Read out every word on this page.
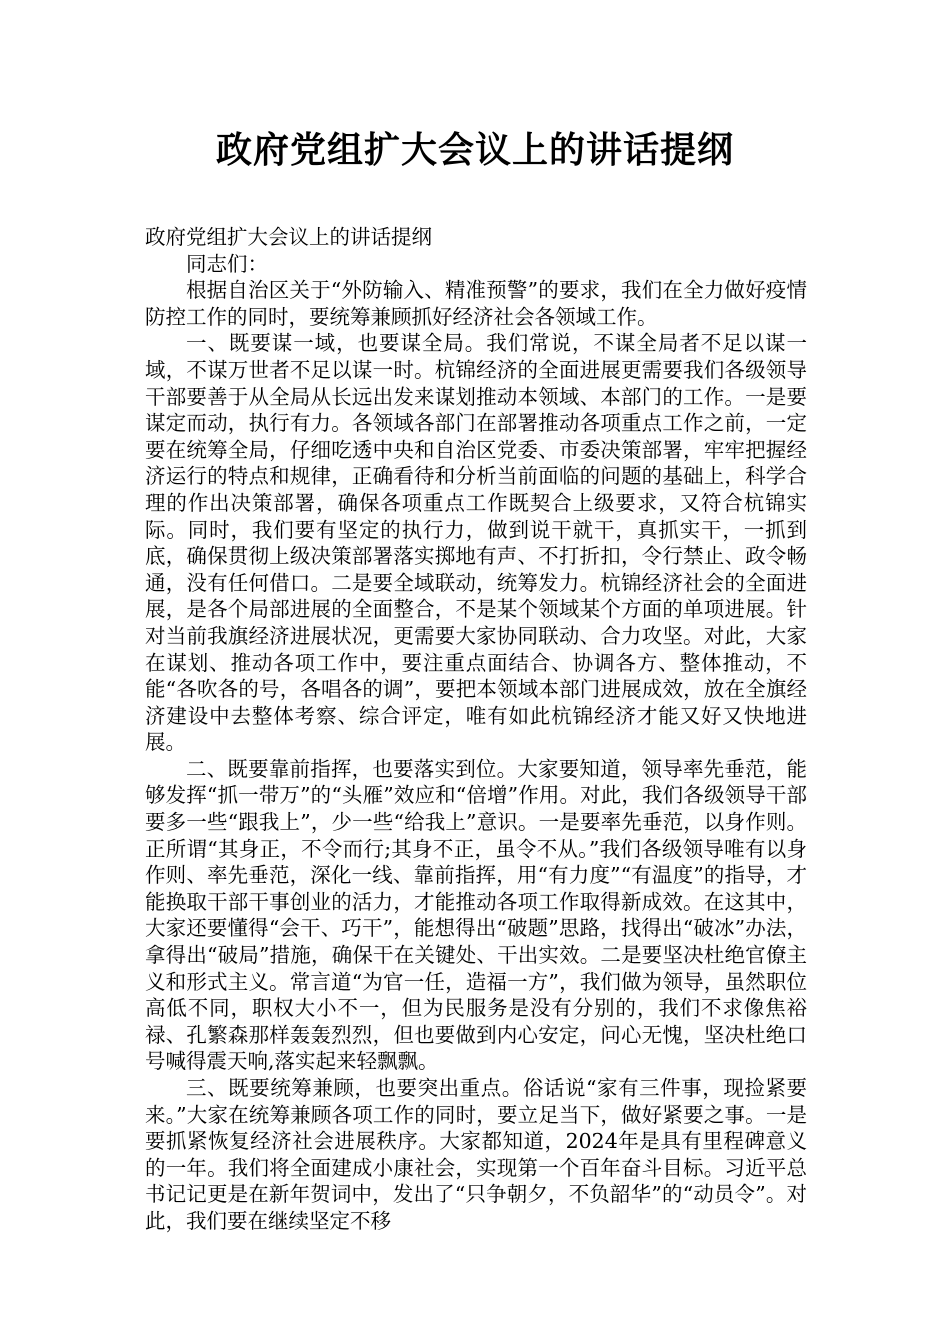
政府党组扩大会议上的讲话提纲

政府党组扩大会议上的讲话提纲

同志们：

根据自治区关于“外防输入、精准预警”的要求，我们在全力做好疫情防控工作的同时，要统筹兼顾抓好经济社会各领域工作。

一、既要谋一域，也要谋全局。我们常说，不谋全局者不足以谋一域，不谋万世者不足以谋一时。杭锦经济的全面进展更需要我们各级领导干部要善于从全局从长远出发来谋划推动本领域、本部门的工作。一是要谋定而动，执行有力。各领域各部门在部署推动各项重点工作之前，一定要在统筹全局，仔细吃透中央和自治区党委、市委决策部署，牢牢把握经济运行的特点和规律，正确看待和分析当前面临的问题的基础上，科学合理的作出决策部署，确保各项重点工作既契合上级要求，又符合杭锦实际。同时，我们要有坚定的执行力，做到说干就干，真抓实干，一抓到底，确保贯彻上级决策部署落实掷地有声、不打折扣，令行禁止、政令畅通，没有任何借口。二是要全域联动，统筹发力。杭锦经济社会的全面进展，是各个局部进展的全面整合，不是某个领域某个方面的单项进展。针对当前我旗经济进展状况，更需要大家协同联动、合力攻坚。对此，大家在谋划、推动各项工作中，要注重点面结合、协调各方、整体推动，不能“各吹各的号，各唱各的调”，要把本领域本部门进展成效，放在全旗经济建设中去整体考察、综合评定，唯有如此杭锦经济才能又好又快地进展。

二、既要靠前指挥，也要落实到位。大家要知道，领导率先垂范，能够发挥“抓一带万”的“头雁”效应和“倍增”作用。对此，我们各级领导干部要多一些“跟我上”，少一些“给我上”意识。一是要率先垂范，以身作则。正所谓“其身正，不令而行;其身不正，虽令不从。”我们各级领导唯有以身作则、率先垂范，深化一线、靠前指挥，用“有力度”“有温度”的指导，才能换取干部干事创业的活力，才能推动各项工作取得新成效。在这其中，大家还要懂得“会干、巧干”，能想得出“破题”思路，找得出“破冰”办法，拿得出“破局”措施，确保干在关键处、干出实效。二是要坚决杜绝官僚主义和形式主义。常言道“为官一任，造福一方”，我们做为领导，虽然职位高低不同，职权大小不一，但为民服务是没有分别的，我们不求像焦裕禄、孔繁森那样轰轰烈烈，但也要做到内心安定，问心无愧，坚决杜绝口号喊得震天响,落实起来轻飘飘。

三、既要统筹兼顾，也要突出重点。俗话说“家有三件事，现捡紧要来。”大家在统筹兼顾各项工作的同时，要立足当下，做好紧要之事。一是要抓紧恢复经济社会进展秩序。大家都知道，2024年是具有里程碑意义的一年。我们将全面建成小康社会，实现第一个百年奋斗目标。习近平总书记记更是在新年贺词中，发出了“只争朝夕，不负韶华”的“动员令”。对此，我们要在继续坚定不移
